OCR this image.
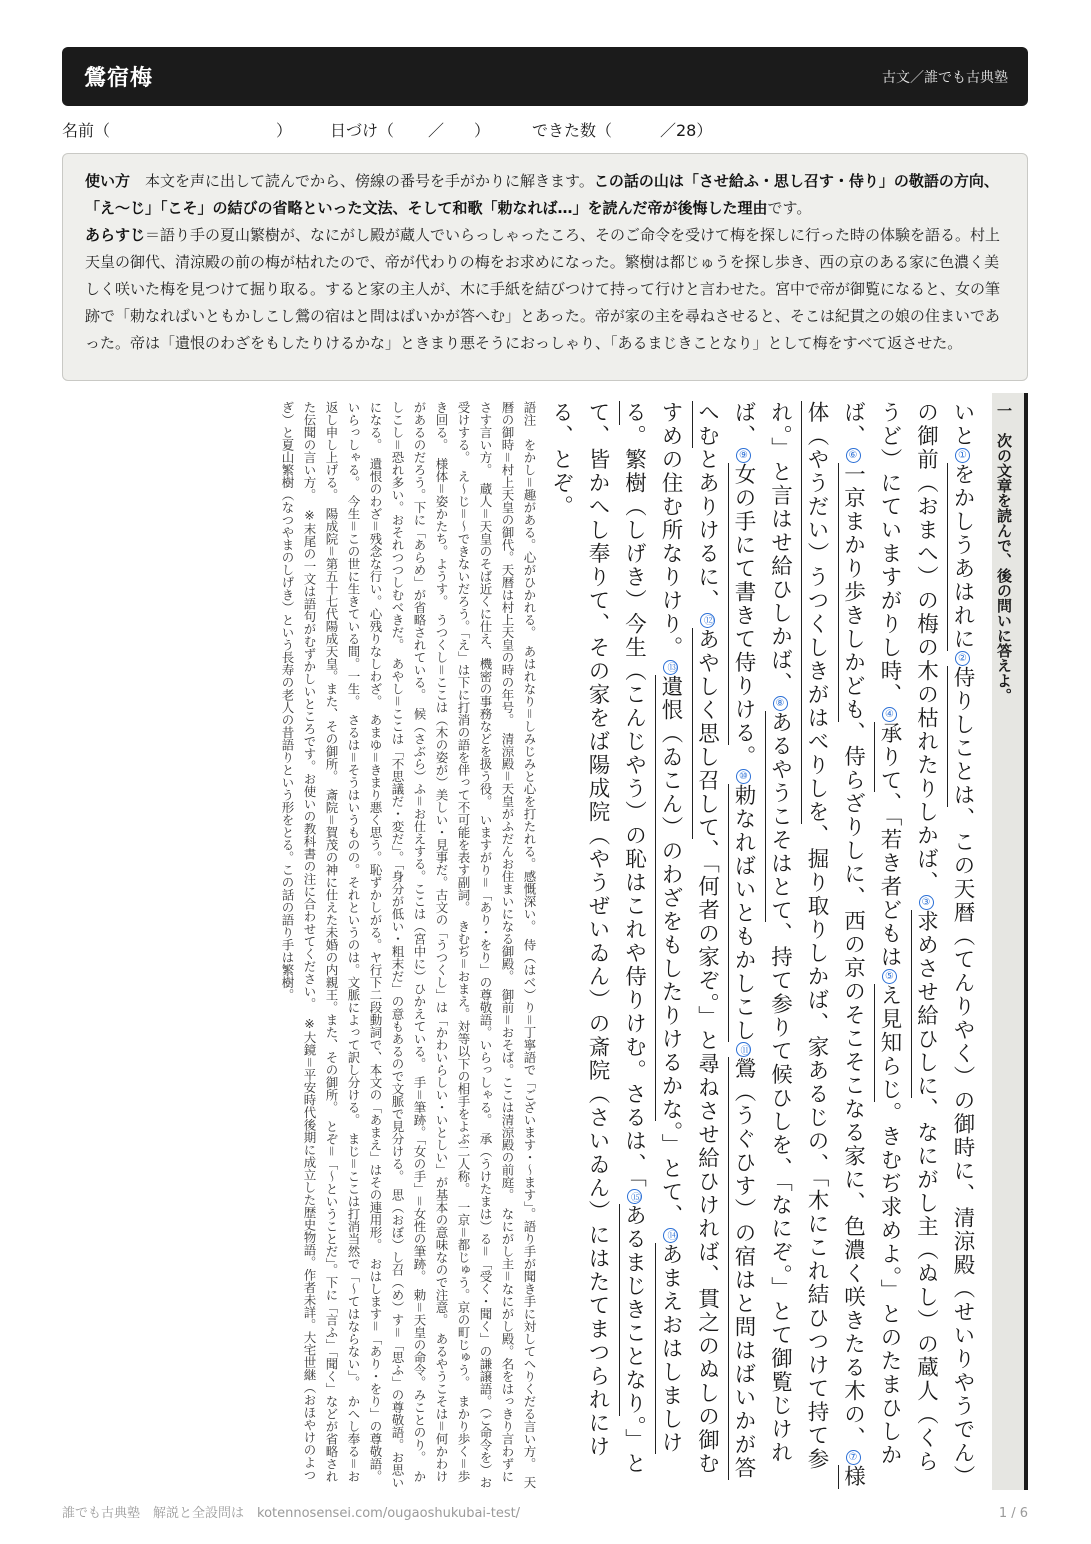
鶯宿梅	古文／誰でも古典塾

名前（

	）

日づけ（

／

）

	できた数（

	／28）

使い方　 本文を声に出して読んでから、傍線の番号を手がかりに解きます。この話の山は「させ給ふ・思し召す・侍り」の敬語の方向、「え〜じ」「こそ」の結びの省略といった文法、そして和歌「勅なれば…」を読んだ帝が後悔した理由です。
あらすじ＝語り手の夏山繁樹が、なにがし殿が蔵人でいらっしゃったころ、そのご命令を受けて梅を探しに行った時の体験を語る。村上天皇の御代、清涼殿の前の梅が枯れたので、帝が代わりの梅をお求めになった。繁樹は都じゅうを探し歩き、西の京のある家に色濃く美しく咲いた梅を見つけて掘り取る。すると家の主人が、木に手紙を結びつけて持って行けと言わせた。宮中で帝が御覧になると、女の筆跡で「勅なればいともかしこし鶯の宿はと問はばいかが答へむ」とあった。帝が家の主を尋ねさせると、そこは紀貫之の娘の住まいであった。帝は「遺恨のわざをもしたりけるかな」ときまり悪そうにおっしゃり、「あるまじきことなり」として梅をすべて返させた。
一　次の文章を読んで、後の問いに答えよ。
いと①をかしうあはれに②侍りしことは、この天暦（てんりやく）の御時に、清涼殿（せいりやうでん）の御前（おまへ）の梅の木の枯れたりしかば、③求めさせ給ひしに、なにがし主（ぬし）の蔵人（くらうど）にていますがりし時、④承りて、「若き者どもは⑤え見知らじ。きむぢ求めよ。」とのたまひしかば、⑥一京まかり歩きしかども、侍らざりしに、西の京のそこそこなる家に、色濃く咲きたる木の、⑦様体（やうだい）うつくしきがはべりしを、掘り取りしかば、家あるじの、「木にこれ結ひつけて持て参れ。」と言はせ給ひしかば、⑧あるやうこそはとて、持て参りて候ひしを、「なにぞ。」とて御覧じければ、⑨女の手にて書きて侍りける。⑩勅なればいともかしこし⑪鶯（うぐひす）の宿はと問はばいかが答へむとありけるに、⑫あやしく思し召して、「何者の家ぞ。」と尋ねさせ給ひければ、貫之のぬしの御むすめの住む所なりけり。⑬遺恨（ゐこん）のわざをもしたりけるかな。」とて、⑭あまえおはしましける。繁樹（しげき）今生（こんじやう）の恥はこれや侍りけむ。さるは、「⑮あるまじきことなり。」とて、皆かへし奉りて、その家をば陽成院（やうぜいゐん）の斎院（さいゐん）にはたてまつられにける、とぞ。
語注　をかし＝趣がある。心がひかれる。　あはれなり＝しみじみと心を打たれる。感慨深い。　侍（はべ）り＝丁寧語で「ございます・〜ます」。語り手が聞き手に対してへりくだる言い方。　天暦の御時＝村上天皇の御代。天暦は村上天皇の時の年号。　清涼殿＝天皇がふだんお住まいになる御殿。　御前＝おそば。ここは清涼殿の前庭。　なにがし主＝なにがし殿。名をはっきり言わずにさす言い方。　蔵人＝天皇のそば近くに仕え、機密の事務などを扱う役。　いますがり＝「あり・をり」の尊敬語。いらっしゃる。　承（うけたまは）る＝「受く・聞く」の謙譲語。（ご命令を）お受けする。　え〜じ＝〜できないだろう。「え」は下に打消の語を伴って不可能を表す副詞。　きむぢ＝おまえ。対等以下の相手をよぶ二人称。　一京＝都じゅう。京の町じゅう。　まかり歩く＝歩き回る。　様体＝姿かたち。ようす。　うつくし＝ここは（木の姿が）美しい・見事だ。古文の「うつくし」は「かわいらしい・いとしい」が基本の意味なので注意。　あるやうこそは＝何かわけがあるのだろう。下に「あらめ」が省略されている。　候（さぶら）ふ＝お仕えする。ここは（宮中に）ひかえている。　手＝筆跡。「女の手」＝女性の筆跡。　勅＝天皇の命令。みことのり。　かしこし＝恐れ多い。おそれつつしむべきだ。　あやし＝ここは「不思議だ・変だ」。「身分が低い・粗末だ」の意もあるので文脈で見分ける。　思（おぼ）し召（め）す＝「思ふ」の尊敬語。お思いになる。　遺恨のわざ＝残念な行い。心残りなしわざ。　あまゆ＝きまり悪く思う。恥ずかしがる。ヤ行下二段動詞で、本文の「あまえ」はその連用形。　おはします＝「あり・をり」の尊敬語。いらっしゃる。　今生＝この世に生きている間。一生。　さるは＝そうはいうものの。それというのは。文脈によって訳し分ける。　まじ＝ここは打消当然で「〜てはならない」。　かへし奉る＝お返し申し上げる。　陽成院＝第五十七代陽成天皇。また、その御所。　斎院＝賀茂の神に仕えた未婚の内親王。また、その御所。　とぞ＝「〜ということだ」。下に「言ふ」「聞く」などが省略された伝聞の言い方。　※末尾の一文は語句がむずかしいところです。お使いの教科書の注に合わせてください。　※大鏡＝平安時代後期に成立した歴史物語。作者未詳。大宅世継（おほやけのよつぎ）と夏山繁樹（なつやまのしげき）という長寿の老人の昔語りという形をとる。この話の語り手は繁樹。
誰でも古典塾　解説と全設問は　kotennosensei.com/ougaoshukubai-test/	1 / 6
